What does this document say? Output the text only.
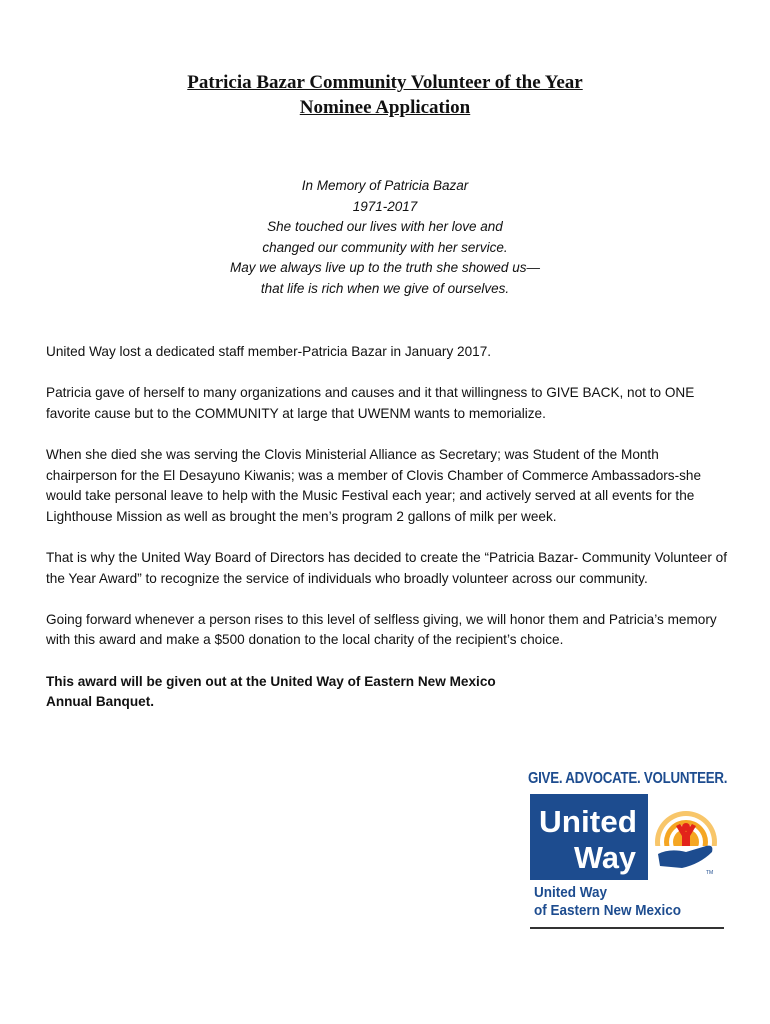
Patricia Bazar Community Volunteer of the Year
Nominee Application
In Memory of Patricia Bazar
1971-2017
She touched our lives with her love and
changed our community with her service.
May we always live up to the truth she showed us—
that life is rich when we give of ourselves.

United Way lost a dedicated staff member-Patricia Bazar in January 2017.

Patricia gave of herself to many organizations and causes and it that willingness to GIVE BACK, not to ONE favorite cause but to the COMMUNITY at large that UWENM wants to memorialize.

When she died she was serving the Clovis Ministerial Alliance as Secretary; was Student of the Month chairperson for the El Desayuno Kiwanis; was a member of Clovis Chamber of Commerce Ambassadors-she would take personal leave to help with the Music Festival each year; and actively served at all events for the Lighthouse Mission as well as brought the men’s program 2 gallons of milk per week.

That is why the United Way Board of Directors has decided to create the “Patricia Bazar- Community Volunteer of the Year Award” to recognize the service of individuals who broadly volunteer across our community.

Going forward whenever a person rises to this level of selfless giving, we will honor them and Patricia’s memory with this award and make a $500 donation to the local charity of the recipient’s choice.

This award will be given out at the United Way of Eastern New Mexico Annual Banquet.

GIVE. ADVOCATE. VOLUNTEER.
United
Way	TM
United Way
of Eastern New Mexico
